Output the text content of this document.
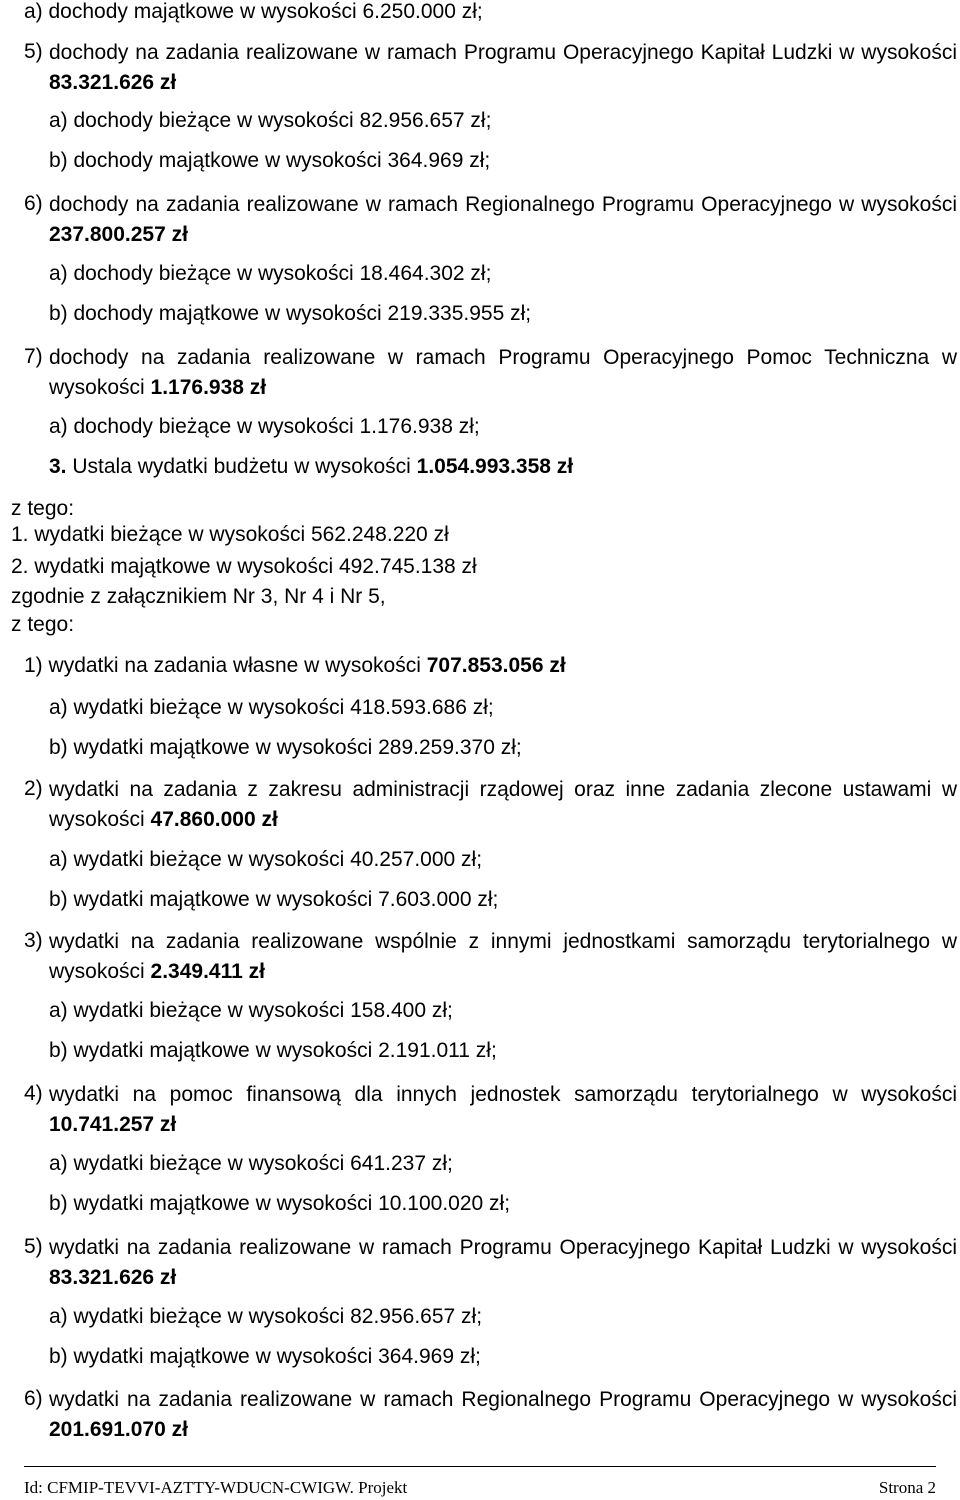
a) dochody majątkowe w wysokości 6.250.000 zł;

5) dochody na zadania realizowane w ramach Programu Operacyjnego Kapitał Ludzki w wysokości 83.321.626 zł

a) dochody bieżące w wysokości 82.956.657 zł;

b) dochody majątkowe w wysokości 364.969 zł;

6) dochody na zadania realizowane w ramach Regionalnego Programu Operacyjnego w wysokości 237.800.257 zł

a) dochody bieżące w wysokości 18.464.302 zł;

b) dochody majątkowe w wysokości 219.335.955 zł;

7) dochody na zadania realizowane w ramach Programu Operacyjnego Pomoc Techniczna w wysokości 1.176.938 zł

a) dochody bieżące w wysokości 1.176.938 zł;

3. Ustala wydatki budżetu w wysokości 1.054.993.358 zł

z tego:

1. wydatki bieżące w wysokości 562.248.220 zł

2. wydatki majątkowe w wysokości 492.745.138 zł

zgodnie z załącznikiem Nr 3, Nr 4 i Nr 5,

z tego:

1) wydatki na zadania własne w wysokości 707.853.056 zł

a) wydatki bieżące w wysokości 418.593.686 zł;

b) wydatki majątkowe w wysokości 289.259.370 zł;

2) wydatki na zadania z zakresu administracji rządowej oraz inne zadania zlecone ustawami w wysokości 47.860.000 zł

a) wydatki bieżące w wysokości 40.257.000 zł;

b) wydatki majątkowe w wysokości 7.603.000 zł;

3) wydatki na zadania realizowane wspólnie z innymi jednostkami samorządu terytorialnego w wysokości 2.349.411 zł

a) wydatki bieżące w wysokości 158.400 zł;

b) wydatki majątkowe w wysokości 2.191.011 zł;

4) wydatki na pomoc finansową dla innych jednostek samorządu terytorialnego w wysokości 10.741.257 zł

a) wydatki bieżące w wysokości 641.237 zł;

b) wydatki majątkowe w wysokości 10.100.020 zł;

5) wydatki na zadania realizowane w ramach Programu Operacyjnego Kapitał Ludzki w wysokości 83.321.626 zł

a) wydatki bieżące w wysokości 82.956.657 zł;

b) wydatki majątkowe w wysokości 364.969 zł;

6) wydatki na zadania realizowane w ramach Regionalnego Programu Operacyjnego w wysokości 201.691.070 zł
Id: CFMIP-TEVVI-AZTTY-WDUCN-CWIGW. Projekt	Strona 2
